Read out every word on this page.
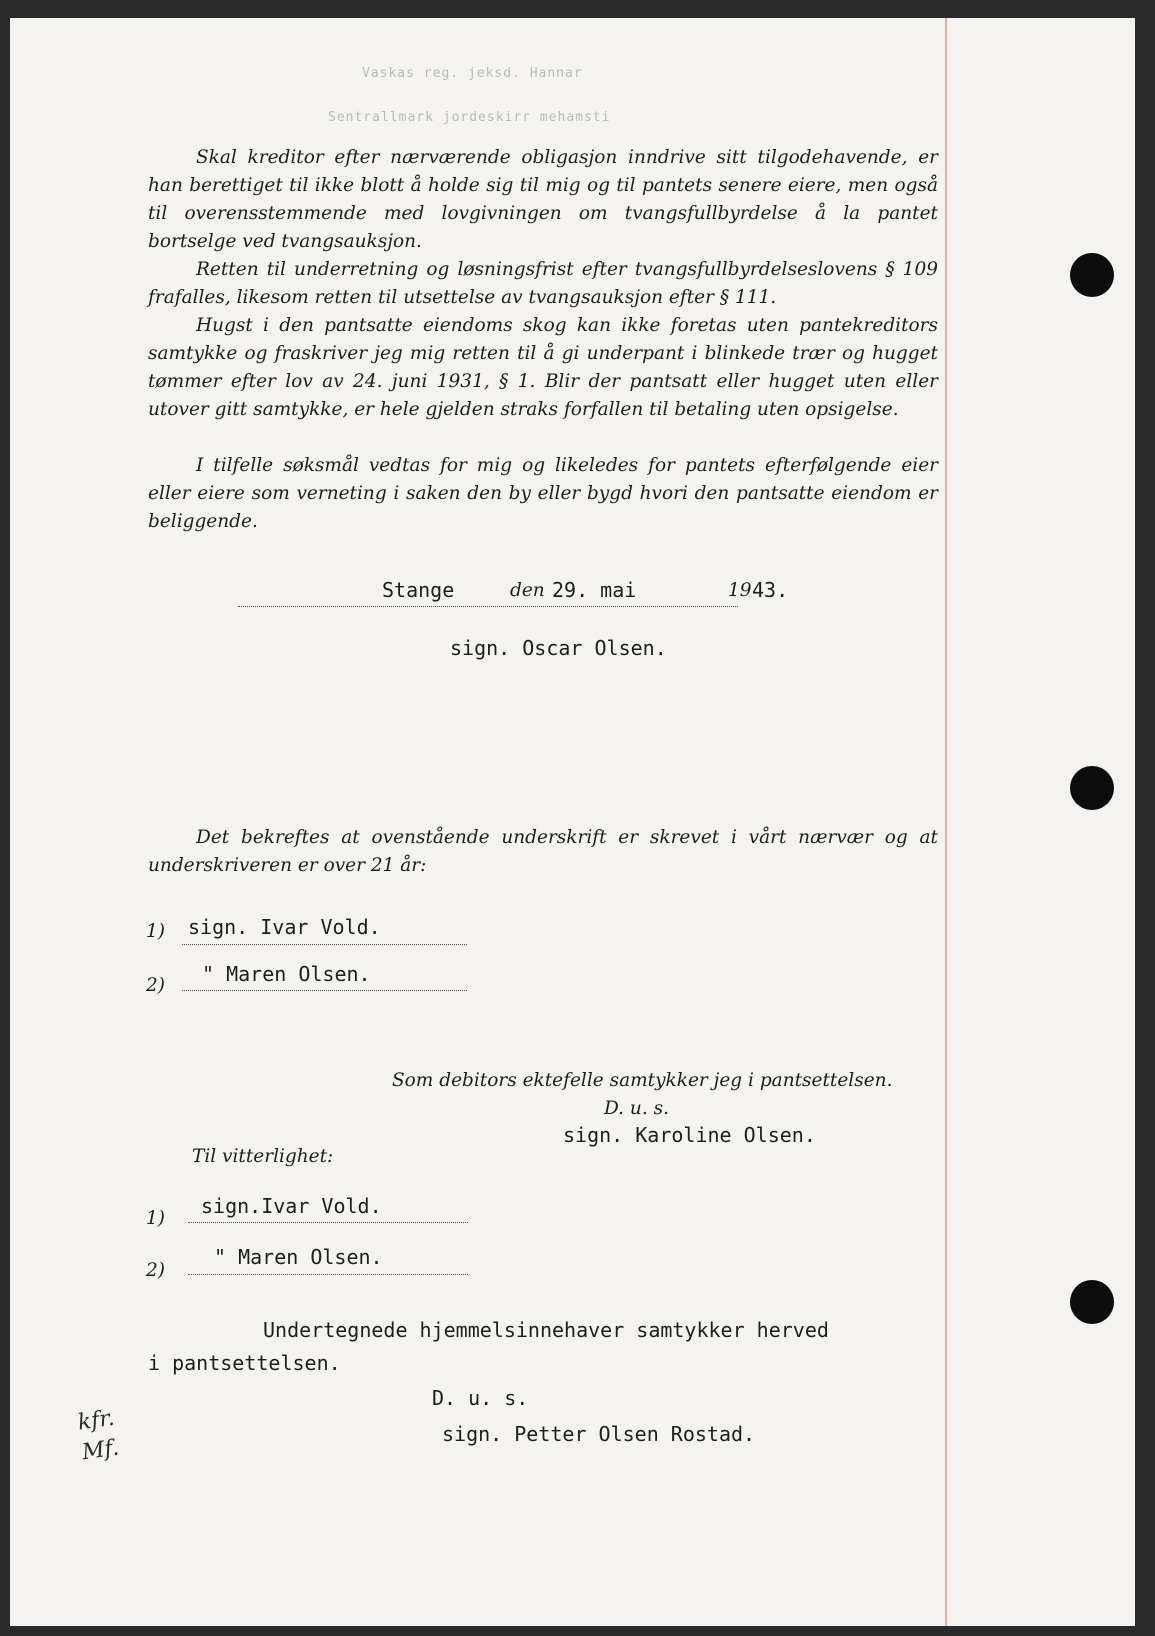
Vaskas reg. jeksd. Hannar
Sentrallmark jordeskirr mehamsti

Skal kreditor efter nærværende obligasjon inndrive sitt tilgodehavende, er han berettiget til ikke blott å holde sig til mig og til pantets senere eiere, men også til overensstemmende med lovgivningen om tvangsfullbyrdelse å la pantet bortselge ved tvangsauksjon.

Retten til underretning og løsningsfrist efter tvangsfullbyrdelseslovens § 109 frafalles, likesom retten til utsettelse av tvangsauksjon efter § 111.

Hugst i den pantsatte eiendoms skog kan ikke foretas uten pantekreditors samtykke og fraskriver jeg mig retten til å gi underpant i blinkede trær og hugget tømmer efter lov av 24. juni 1931, § 1. Blir der pantsatt eller hugget uten eller utover gitt samtykke, er hele gjelden straks forfallen til betaling uten opsigelse.

I tilfelle søksmål vedtas for mig og likeledes for pantets efterfølgende eier eller eiere som verneting i saken den by eller bygd hvori den pantsatte eiendom er beliggende.

Stange	den 29. mai	19 43.
sign. Oscar Olsen.

Det bekreftes at ovenstående underskrift er skrevet i vårt nærvær og at underskriveren er over 21 år:

1) sign. Ivar Vold.
2) " Maren Olsen.
Som debitors ektefelle samtykker jeg i pantsettelsen.
D. u. s.
sign. Karoline Olsen.
Til vitterlighet:
1)
sign.Ivar Vold.
2)
" Maren Olsen.
Undertegnede hjemmelsinnehaver samtykker herved
i pantsettelsen.
D. u. s.
sign. Petter Olsen Rostad.
kfr.
Mf.
